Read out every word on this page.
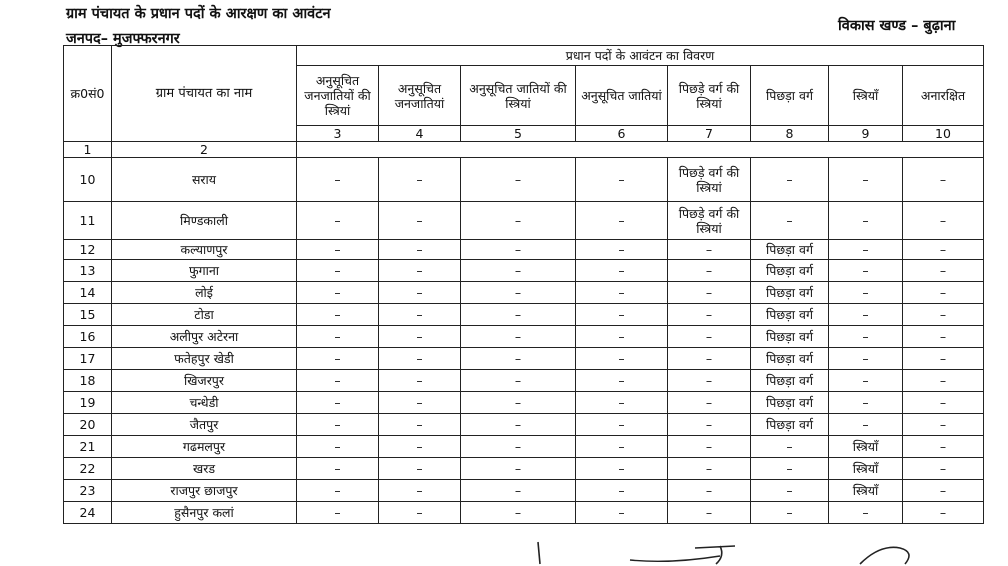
ग्राम पंचायत के प्रधान पदों के आरक्षण का आवंटन
जनपद– मुजफ्फरनगर
विकास खण्ड – बुढ़ाना
क्र0सं0	ग्राम पंचायत का नाम	प्रधान पदों के आवंटन का विवरण							
		अनुसूचित जनजातियों की स्त्रियां	अनुसूचित जनजातियां	अनुसूचित जातियों की स्त्रियां	अनुसूचित जातियां	पिछड़े वर्ग की स्त्रियां	पिछड़ा वर्ग	स्त्रियाँ	अनारक्षित
		3	4	5	6	7	8	9	10
1	2								
10	सराय	–	–	–	–	पिछड़े वर्ग की स्त्रियां	–	–	–
11	मिण्डकाली	–	–	–	–	पिछड़े वर्ग की स्त्रियां	–	–	–
12	कल्याणपुर	–	–	–	–	–	पिछड़ा वर्ग	–	–
13	फुगाना	–	–	–	–	–	पिछड़ा वर्ग	–	–
14	लोई	–	–	–	–	–	पिछड़ा वर्ग	–	–
15	टोडा	–	–	–	–	–	पिछड़ा वर्ग	–	–
16	अलीपुर अटेरना	–	–	–	–	–	पिछड़ा वर्ग	–	–
17	फतेहपुर खेडी	–	–	–	–	–	पिछड़ा वर्ग	–	–
18	खिजरपुर	–	–	–	–	–	पिछड़ा वर्ग	–	–
19	चन्धेडी	–	–	–	–	–	पिछड़ा वर्ग	–	–
20	जैतपुर	–	–	–	–	–	पिछड़ा वर्ग	–	–
21	गढमलपुर	–	–	–	–	–	–	स्त्रियाँ	–
22	खरड	–	–	–	–	–	–	स्त्रियाँ	–
23	राजपुर छाजपुर	–	–	–	–	–	–	स्त्रियाँ	–
24	हुसैनपुर कलां	–	–	–	–	–	–	–	–
